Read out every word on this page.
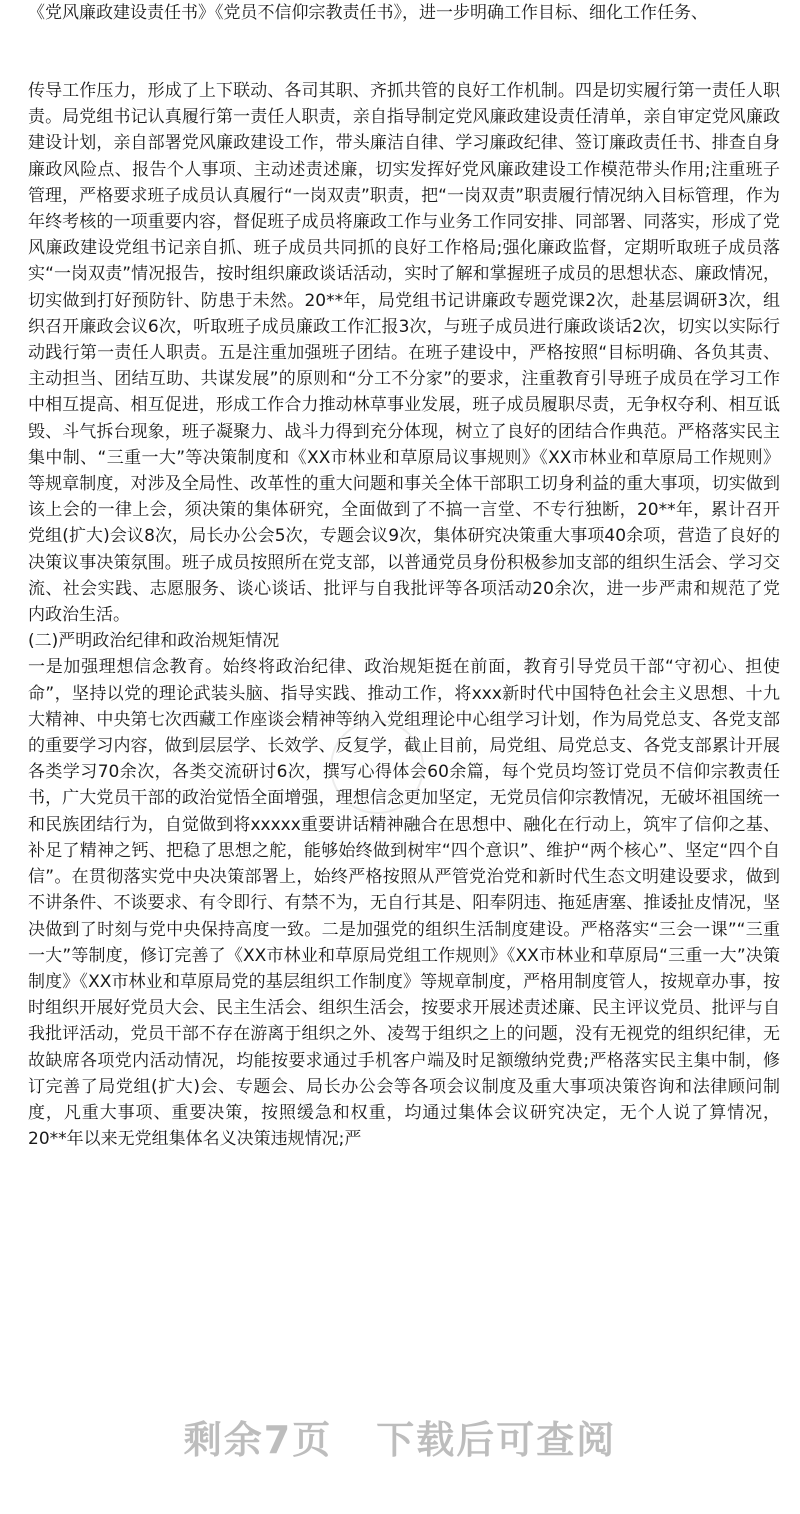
《党风廉政建设责任书》《党员不信仰宗教责任书》，进一步明确工作目标、细化工作任务、

传导工作压力，形成了上下联动、各司其职、齐抓共管的良好工作机制。四是切实履行第一责任人职责。局党组书记认真履行第一责任人职责，亲自指导制定党风廉政建设责任清单，亲自审定党风廉政建设计划，亲自部署党风廉政建设工作，带头廉洁自律、学习廉政纪律、签订廉政责任书、排查自身廉政风险点、报告个人事项、主动述责述廉，切实发挥好党风廉政建设工作模范带头作用;注重班子管理，严格要求班子成员认真履行“一岗双责”职责，把“一岗双责”职责履行情况纳入目标管理，作为年终考核的一项重要内容，督促班子成员将廉政工作与业务工作同安排、同部署、同落实，形成了党风廉政建设党组书记亲自抓、班子成员共同抓的良好工作格局;强化廉政监督，定期听取班子成员落实“一岗双责”情况报告，按时组织廉政谈话活动，实时了解和掌握班子成员的思想状态、廉政情况，切实做到打好预防针、防患于未然。20**年，局党组书记讲廉政专题党课2次，赴基层调研3次，组织召开廉政会议6次，听取班子成员廉政工作汇报3次，与班子成员进行廉政谈话2次，切实以实际行动践行第一责任人职责。五是注重加强班子团结。在班子建设中，严格按照“目标明确、各负其责、主动担当、团结互助、共谋发展”的原则和“分工不分家”的要求，注重教育引导班子成员在学习工作中相互提高、相互促进，形成工作合力推动林草事业发展，班子成员履职尽责，无争权夺利、相互诋毁、斗气拆台现象，班子凝聚力、战斗力得到充分体现，树立了良好的团结合作典范。严格落实民主集中制、“三重一大”等决策制度和《XX市林业和草原局议事规则》《XX市林业和草原局工作规则》等规章制度，对涉及全局性、改革性的重大问题和事关全体干部职工切身利益的重大事项，切实做到该上会的一律上会，须决策的集体研究，全面做到了不搞一言堂、不专行独断，20**年，累计召开党组(扩大)会议8次，局长办公会5次，专题会议9次，集体研究决策重大事项40余项，营造了良好的决策议事决策氛围。班子成员按照所在党支部，以普通党员身份积极参加支部的组织生活会、学习交流、社会实践、志愿服务、谈心谈话、批评与自我批评等各项活动20余次，进一步严肃和规范了党内政治生活。

(二)严明政治纪律和政治规矩情况

一是加强理想信念教育。始终将政治纪律、政治规矩挺在前面，教育引导党员干部“守初心、担使命”，坚持以党的理论武装头脑、指导实践、推动工作，将xxx新时代中国特色社会主义思想、十九大精神、中央第七次西藏工作座谈会精神等纳入党组理论中心组学习计划，作为局党总支、各党支部的重要学习内容，做到层层学、长效学、反复学，截止目前，局党组、局党总支、各党支部累计开展各类学习70余次，各类交流研讨6次，撰写心得体会60余篇，每个党员均签订党员不信仰宗教责任书，广大党员干部的政治觉悟全面增强，理想信念更加坚定，无党员信仰宗教情况，无破坏祖国统一和民族团结行为，自觉做到将xxxxx重要讲话精神融合在思想中、融化在行动上，筑牢了信仰之基、补足了精神之钙、把稳了思想之舵，能够始终做到树牢“四个意识”、维护“两个核心”、坚定“四个自信”。在贯彻落实党中央决策部署上，始终严格按照从严管党治党和新时代生态文明建设要求，做到不讲条件、不谈要求、有令即行、有禁不为，无自行其是、阳奉阴违、拖延唐塞、推诿扯皮情况，坚决做到了时刻与党中央保持高度一致。二是加强党的组织生活制度建设。严格落实“三会一课”“三重一大”等制度，修订完善了《XX市林业和草原局党组工作规则》《XX市林业和草原局“三重一大”决策制度》《XX市林业和草原局党的基层组织工作制度》等规章制度，严格用制度管人，按规章办事，按时组织开展好党员大会、民主生活会、组织生活会，按要求开展述责述廉、民主评议党员、批评与自我批评活动，党员干部不存在游离于组织之外、凌驾于组织之上的问题，没有无视党的组织纪律，无故缺席各项党内活动情况，均能按要求通过手机客户端及时足额缴纳党费;严格落实民主集中制，修订完善了局党组(扩大)会、专题会、局长办公会等各项会议制度及重大事项决策咨询和法律顾问制度，凡重大事项、重要决策，按照缓急和权重，均通过集体会议研究决定，无个人说了算情况，20**年以来无党组集体名义决策违规情况;严

剩余7页 下载后可查阅
